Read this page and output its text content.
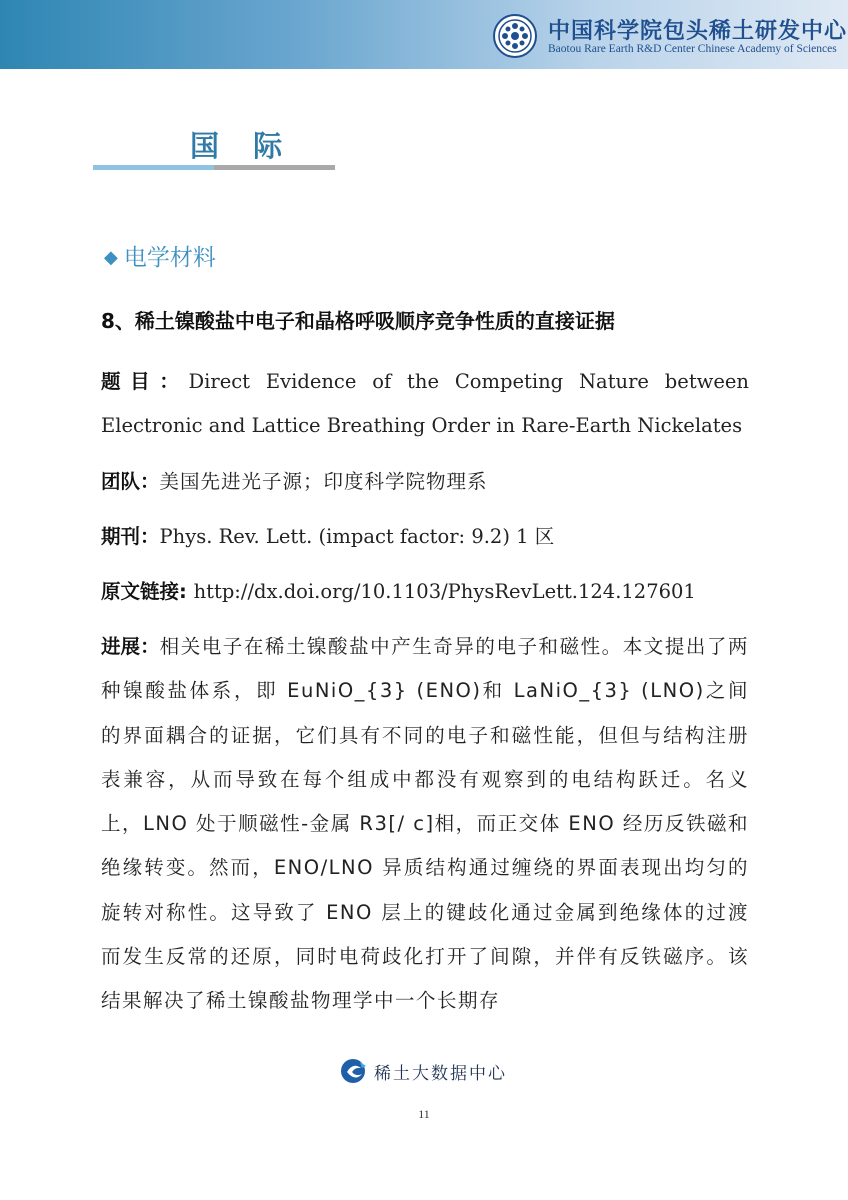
中国科学院包头稀土研发中心
Baotou Rare Earth R&D Center Chinese Academy of Sciences
国 际
◆ 电学材料
8、稀土镍酸盐中电子和晶格呼吸顺序竞争性质的直接证据
题目：Direct Evidence of the Competing Nature between Electronic and Lattice Breathing Order in Rare-Earth Nickelates
团队：美国先进光子源；印度科学院物理系
期刊：Phys. Rev. Lett. (impact factor: 9.2) 1 区
原文链接: http://dx.doi.org/10.1103/PhysRevLett.124.127601
进展：相关电子在稀土镍酸盐中产生奇异的电子和磁性。本文提出了两种镍酸盐体系，即 EuNiO_{3} (ENO)和 LaNiO_{3} (LNO)之间的界面耦合的证据，它们具有不同的电子和磁性能，但但与结构注册表兼容，从而导致在每个组成中都没有观察到的电结构跃迁。名义上，LNO 处于顺磁性-金属 R3[/ c]相，而正交体 ENO 经历反铁磁和绝缘转变。然而，ENO/LNO 异质结构通过缠绕的界面表现出均匀的旋转对称性。这导致了 ENO 层上的键歧化通过金属到绝缘体的过渡而发生反常的还原，同时电荷歧化打开了间隙，并伴有反铁磁序。该结果解决了稀土镍酸盐物理学中一个长期存
稀土大数据中心
11
